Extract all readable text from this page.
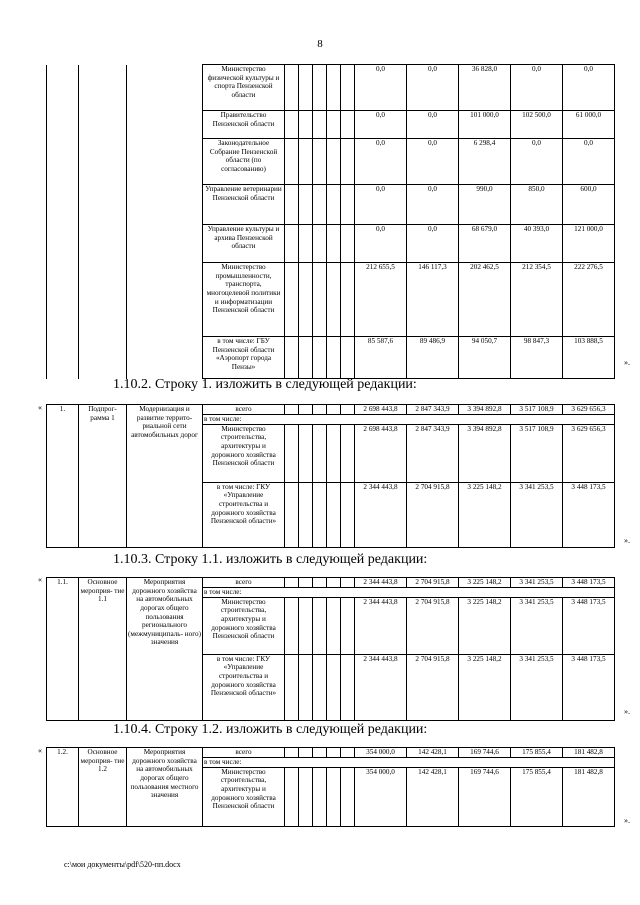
8
			Министерство физической культуры и спорта Пензенской области						0,0	0,0	36 828,0	0,0	0,0
			Правительство Пензенской области						0,0	0,0	101 000,0	102 500,0	61 000,0
			Законодательное Собрание Пензенской области (по согласованию)						0,0	0,0	6 298,4	0,0	0,0
			Управление ветеринарии Пензенской области						0,0	0,0	990,0	850,0	600,0
			Управление культуры и архива Пензенской области						0,0	0,0	68 679,0	40 393,0	121 000,0
			Министерство промышленности, транспорта, многоцелевой политики и информатизации Пензенской области						212 655,5	146 117,3	202 462,5	212 354,5	222 276,5
			в том числе: ГБУ Пензенской области «Аэропорт города Пензы»						85 587,6	89 486,9	94 050,7	98 847,3	103 888,5
».
1.10.2. Строку 1. изложить в следующей редакции:
« 1.	Подпрог- рамма 1	Модернизация и развитие террито- риальной сети автомобильных дорог	всего						2 698 443,8	2 847 343,9	3 394 892,8	3 517 108,9	3 629 656,3
			в том числе:										
			Министерство строительства, архитектуры и дорожного хозяйства Пензенской области						2 698 443,8	2 847 343,9	3 394 892,8	3 517 108,9	3 629 656,3
			в том числе: ГКУ «Управление строительства и дорожного хозяйства Пензенской области»						2 344 443,8	2 704 915,8	3 225 148,2	3 341 253,5	3 448 173,5
».
1.10.3. Строку 1.1. изложить в следующей редакции:
« 1.1.	Основное мероприя- тие 1.1	Мероприятия дорожного хозяйства на автомобильных дорогах общего пользования регионального (межмуниципаль- ного) значения	всего						2 344 443,8	2 704 915,8	3 225 148,2	3 341 253,5	3 448 173,5
			в том числе:										
			Министерство строительства, архитектуры и дорожного хозяйства Пензенской области						2 344 443,8	2 704 915,8	3 225 148,2	3 341 253,5	3 448 173,5
			в том числе: ГКУ «Управление строительства и дорожного хозяйства Пензенской области»						2 344 443,8	2 704 915,8	3 225 148,2	3 341 253,5	3 448 173,5
».
1.10.4. Строку 1.2. изложить в следующей редакции:
« 1.2.	Основное мероприя- тие 1.2	Мероприятия дорожного хозяйства на автомобильных дорогах общего пользования местного значения	всего						354 000,0	142 428,1	169 744,6	175 855,4	181 482,8
			в том числе:										
			Министерство строительства, архитектуры и дорожного хозяйства Пензенской области						354 000,0	142 428,1	169 744,6	175 855,4	181 482,8
».
c:\мои документы\pdf\520-пп.docx
